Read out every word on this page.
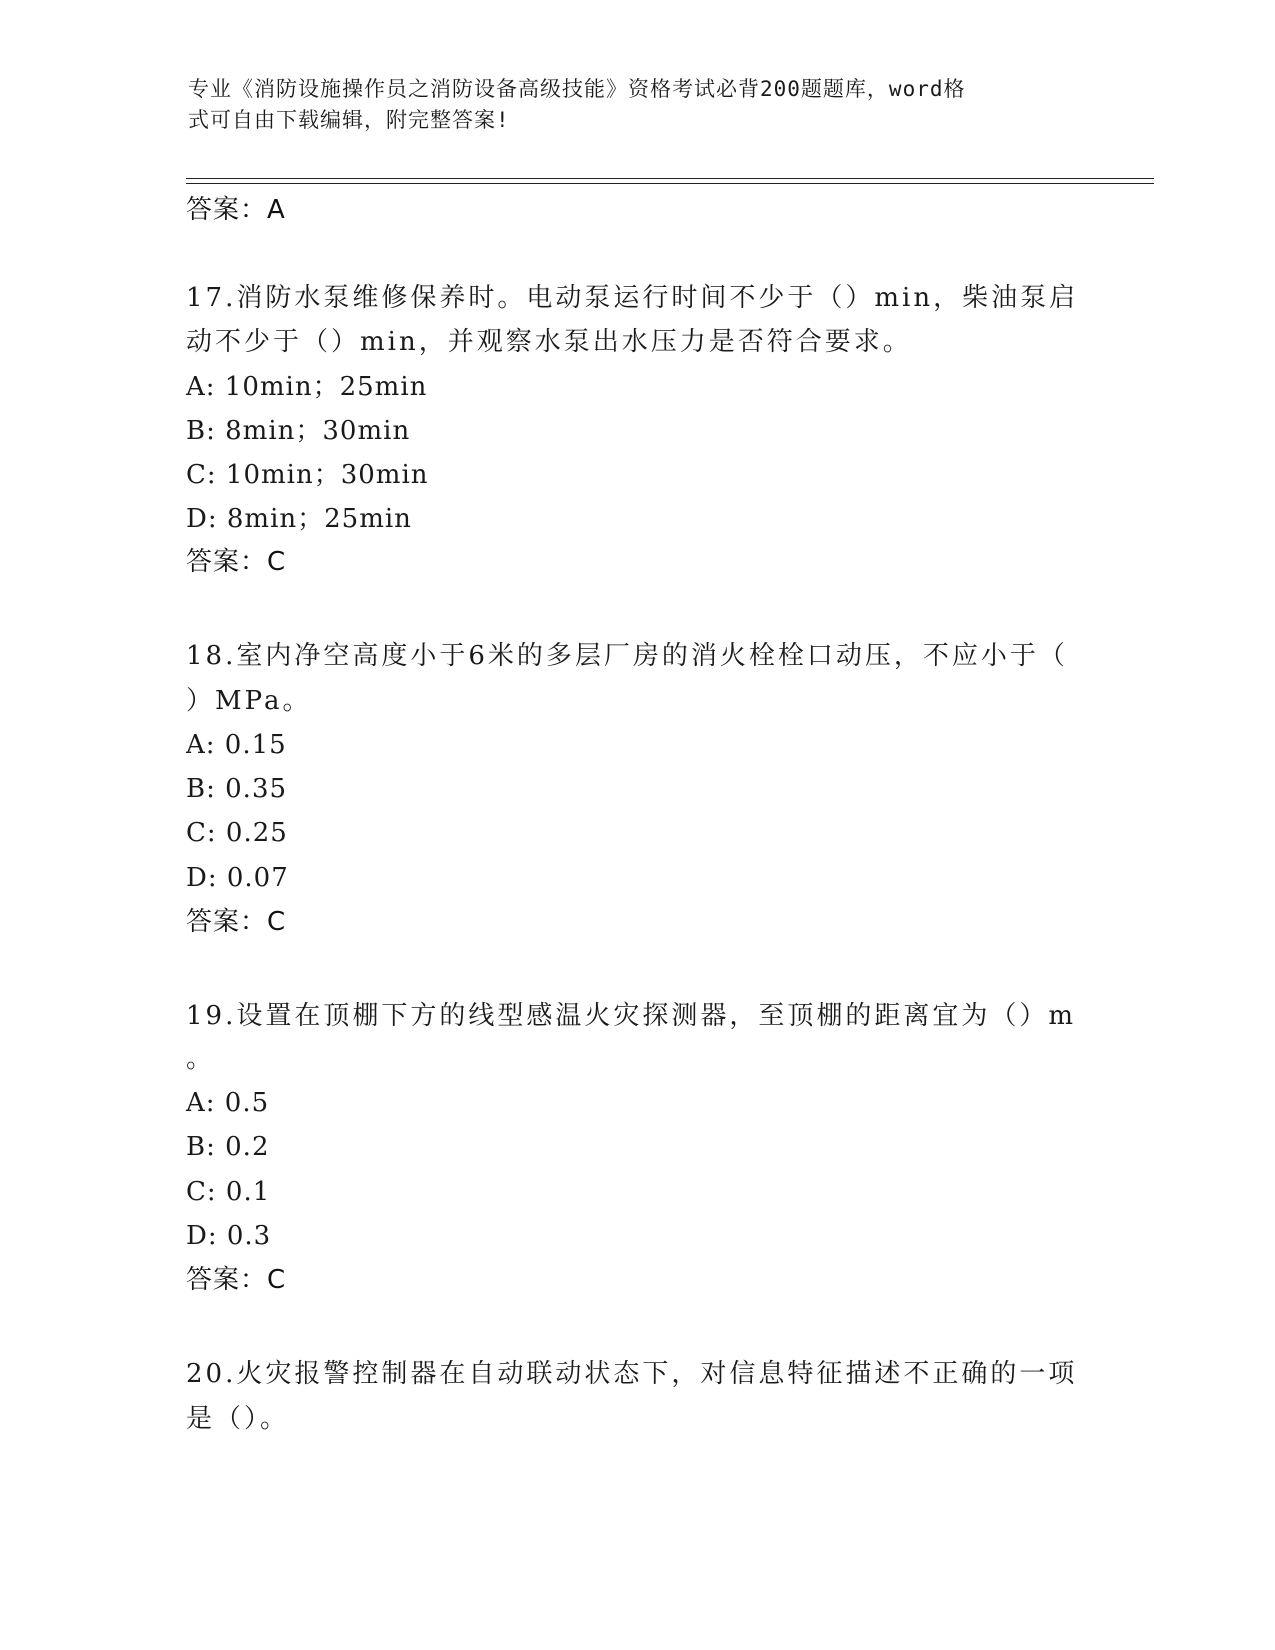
专业《消防设施操作员之消防设备高级技能》资格考试必背200题题库，word格
式可自由下载编辑，附完整答案!
答案：A
17.消防水泵维修保养时。电动泵运行时间不少于（）min，柴油泵启
动不少于（）min，并观察水泵出水压力是否符合要求。
A: 10min；25min
B: 8min；30min
C: 10min；30min
D: 8min；25min
答案：C
18.室内净空高度小于6米的多层厂房的消火栓栓口动压，不应小于（
）MPa。
A: 0.15
B: 0.35
C: 0.25
D: 0.07
答案：C
19.设置在顶棚下方的线型感温火灾探测器，至顶棚的距离宜为（）m
。
A: 0.5
B: 0.2
C: 0.1
D: 0.3
答案：C
20.火灾报警控制器在自动联动状态下，对信息特征描述不正确的一项
是（）。
